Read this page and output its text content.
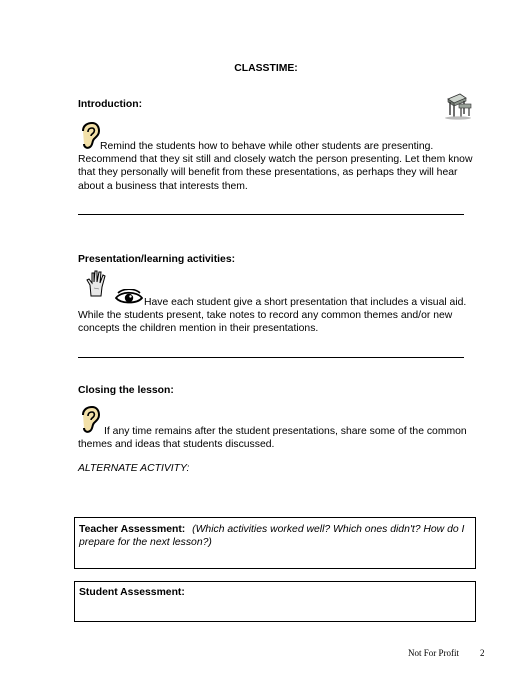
CLASSTIME:
Introduction:
Remind the students how to behave while other students are presenting. Recommend that they sit still and closely watch the person presenting. Let them know that they personally will benefit from these presentations, as perhaps they will hear about a business that interests them.
Presentation/learning activities:
Have each student give a short presentation that includes a visual aid. While the students present, take notes to record any common themes and/or new concepts the children mention in their presentations.
Closing the lesson:
If any time remains after the student presentations, share some of the common themes and ideas that students discussed.
ALTERNATE ACTIVITY:
Teacher Assessment: (Which activities worked well? Which ones didn't? How do I prepare for the next lesson?)
Student Assessment:
Not For Profit 2
